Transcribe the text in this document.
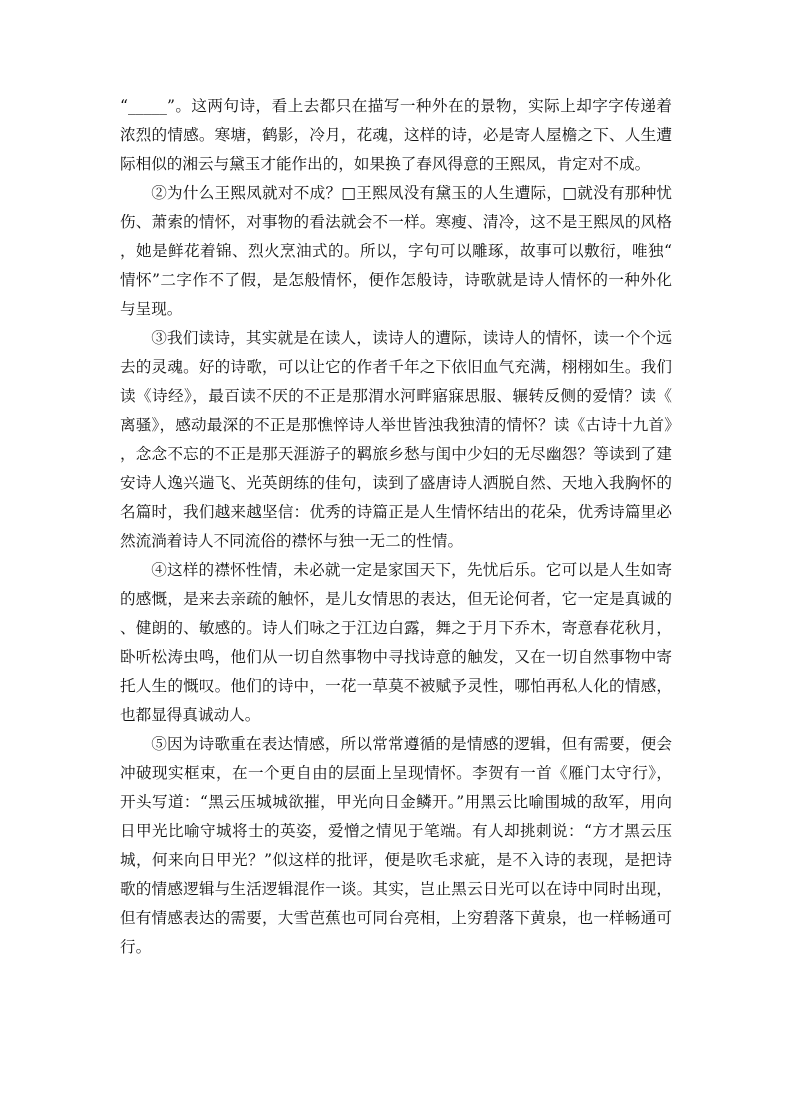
“_____”。这两句诗，看上去都只在描写一种外在的景物，实际上却字字传递着浓烈的情感。寒塘，鹤影，冷月，花魂，这样的诗，必是寄人屋檐之下、人生遭际相似的湘云与黛玉才能作出的，如果换了春风得意的王熙凤，肯定对不成。

②为什么王熙凤就对不成？□王熙凤没有黛玉的人生遭际，□就没有那种忧伤、萧索的情怀，对事物的看法就会不一样。寒瘦、清冷，这不是王熙凤的风格，她是鲜花着锦、烈火烹油式的。所以，字句可以雕琢，故事可以敷衍，唯独“情怀”二字作不了假，是怎般情怀，便作怎般诗，诗歌就是诗人情怀的一种外化与呈现。

③我们读诗，其实就是在读人，读诗人的遭际，读诗人的情怀，读一个个远去的灵魂。好的诗歌，可以让它的作者千年之下依旧血气充满，栩栩如生。我们读《诗经》，最百读不厌的不正是那渭水河畔寤寐思服、辗转反侧的爱情？读《离骚》，感动最深的不正是那憔悴诗人举世皆浊我独清的情怀？读《古诗十九首》，念念不忘的不正是那天涯游子的羁旅乡愁与闺中少妇的无尽幽怨？等读到了建安诗人逸兴遄飞、光英朗练的佳句，读到了盛唐诗人洒脱自然、天地入我胸怀的名篇时，我们越来越坚信：优秀的诗篇正是人生情怀结出的花朵，优秀诗篇里必然流淌着诗人不同流俗的襟怀与独一无二的性情。

④这样的襟怀性情，未必就一定是家国天下，先忧后乐。它可以是人生如寄的感慨，是来去亲疏的触怀，是儿女情思的表达，但无论何者，它一定是真诚的、健朗的、敏感的。诗人们咏之于江边白露，舞之于月下乔木，寄意春花秋月，卧听松涛虫鸣，他们从一切自然事物中寻找诗意的触发，又在一切自然事物中寄托人生的慨叹。他们的诗中，一花一草莫不被赋予灵性，哪怕再私人化的情感，也都显得真诚动人。

⑤因为诗歌重在表达情感，所以常常遵循的是情感的逻辑，但有需要，便会冲破现实框束，在一个更自由的层面上呈现情怀。李贺有一首《雁门太守行》，开头写道：“黑云压城城欲摧，甲光向日金鳞开。”用黑云比喻围城的敌军，用向日甲光比喻守城将士的英姿，爱憎之情见于笔端。有人却挑刺说：“方才黑云压城，何来向日甲光？”似这样的批评，便是吹毛求疵，是不入诗的表现，是把诗歌的情感逻辑与生活逻辑混作一谈。其实，岂止黑云日光可以在诗中同时出现，但有情感表达的需要，大雪芭蕉也可同台亮相，上穷碧落下黄泉，也一样畅通可行。
